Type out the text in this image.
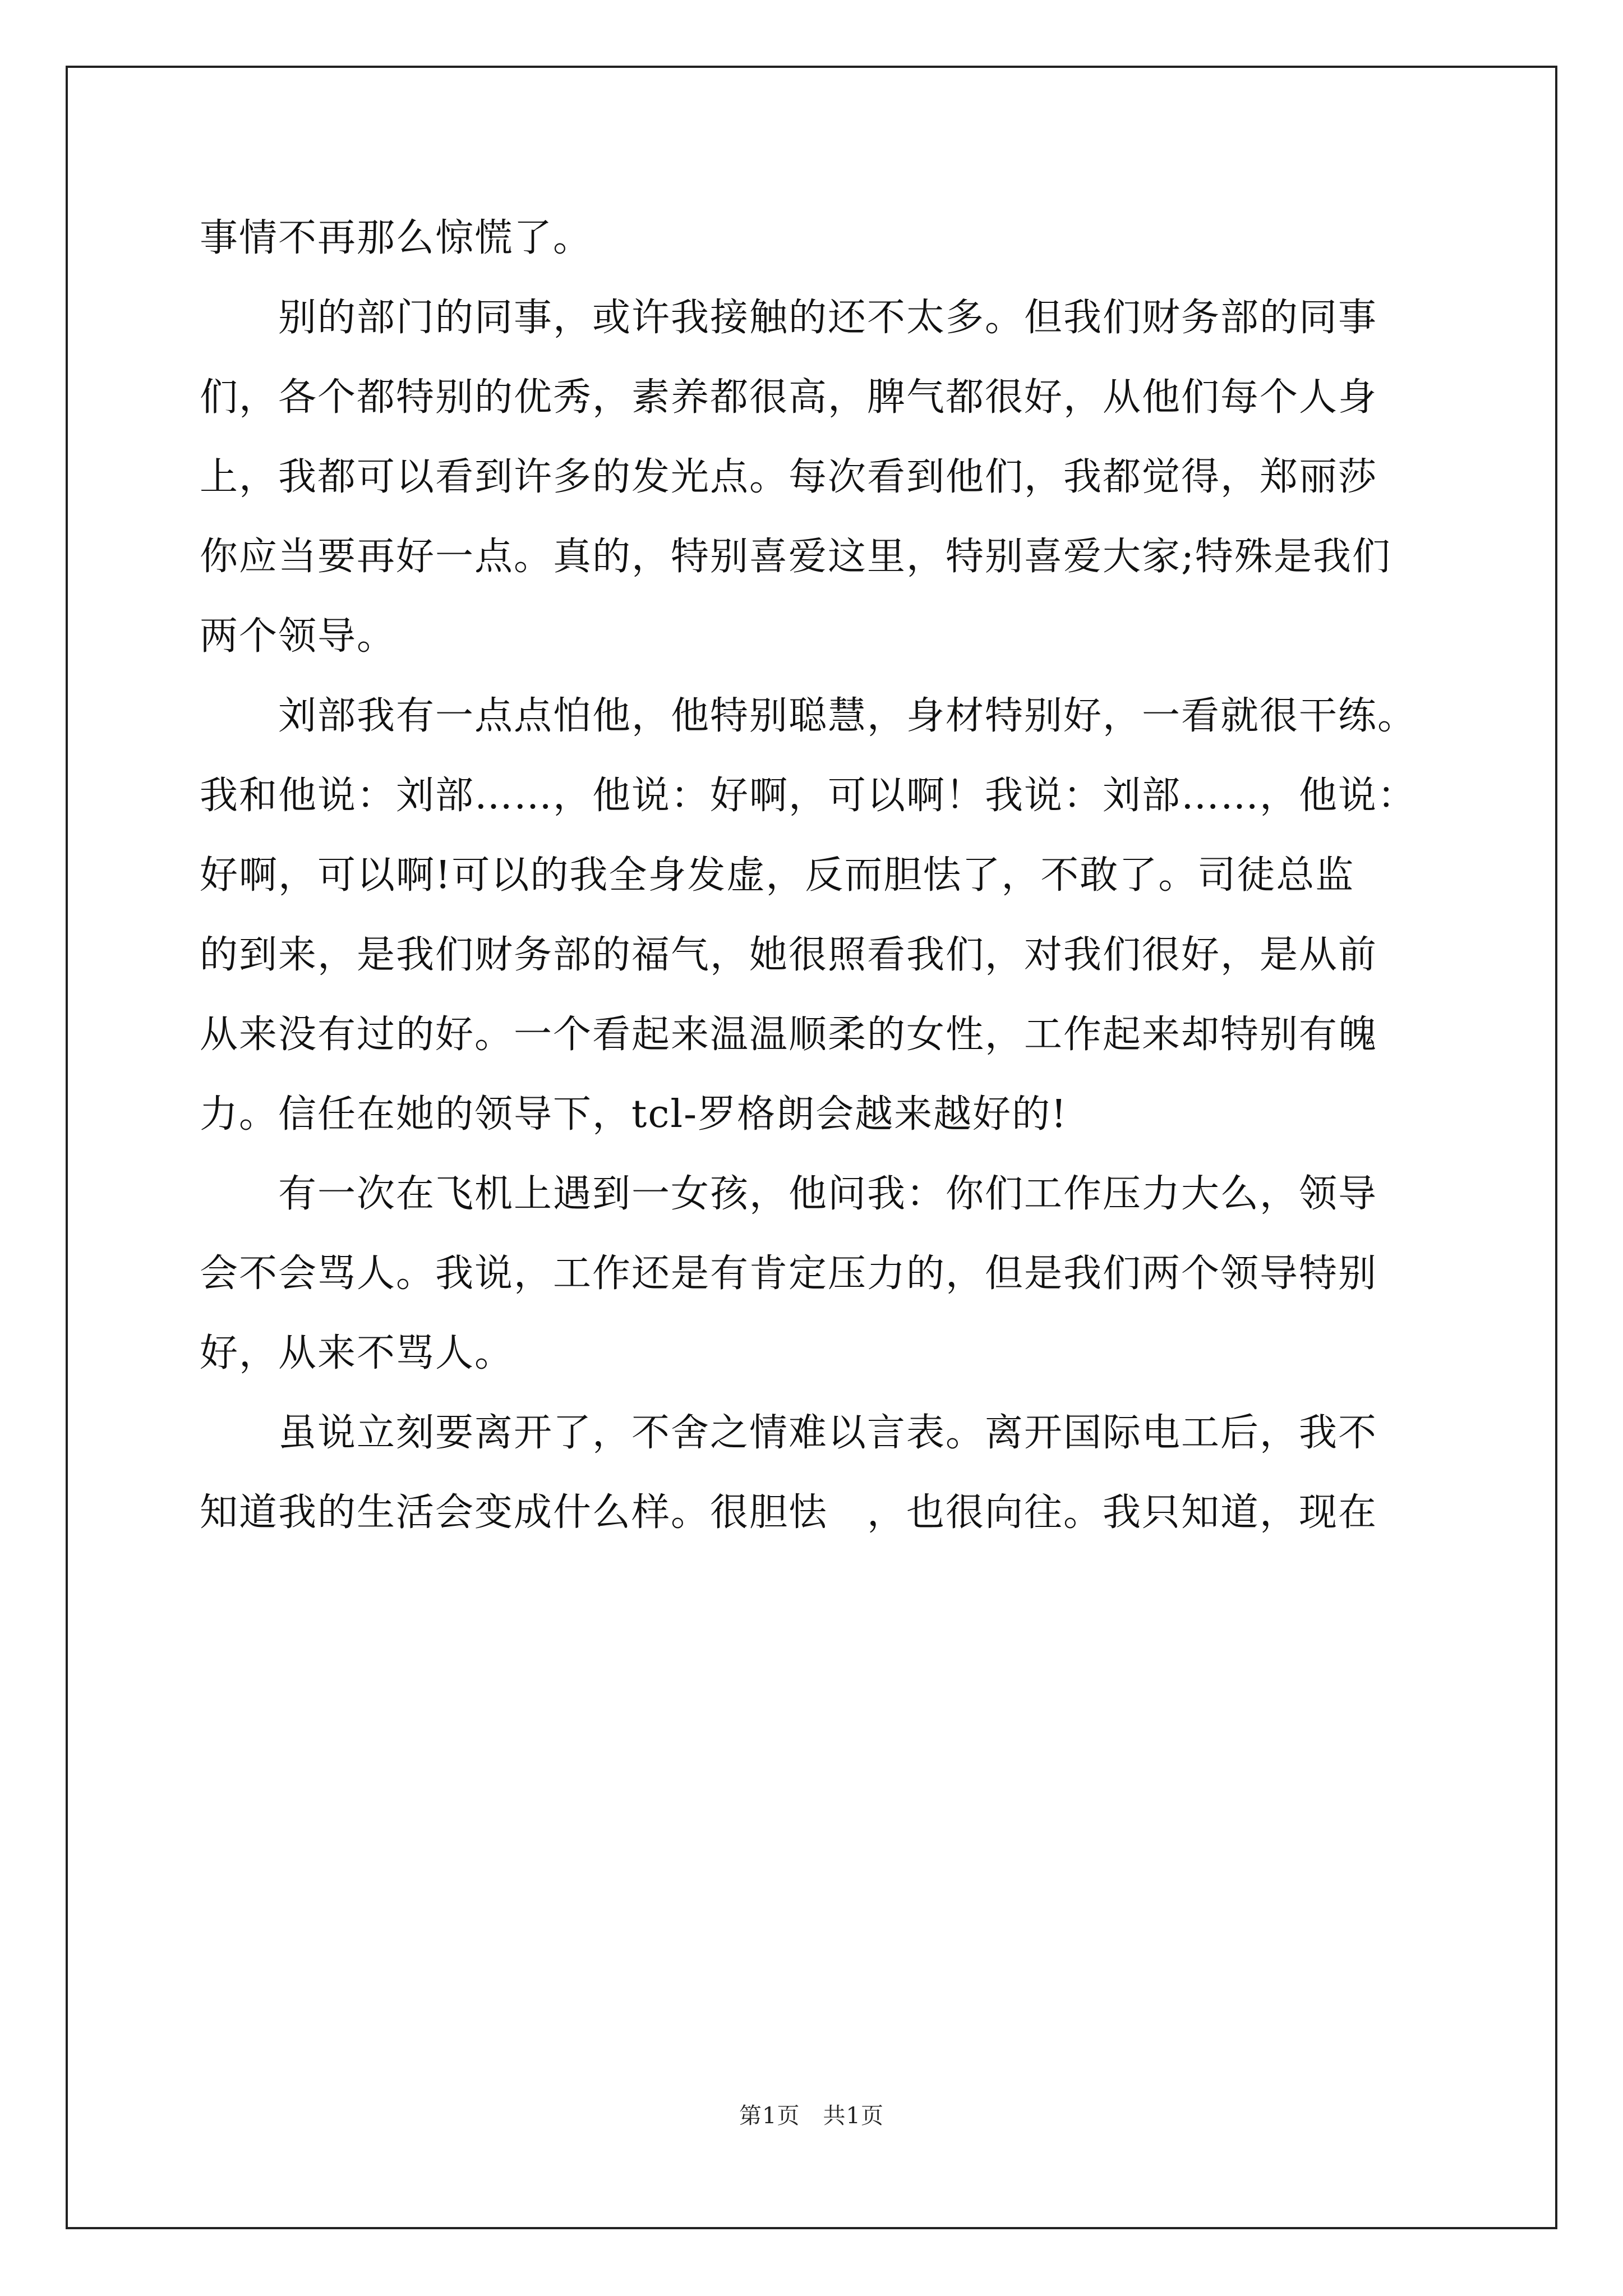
事情不再那么惊慌了。
　　别的部门的同事，或许我接触的还不太多。但我们财务部的同事
们，各个都特别的优秀，素养都很高，脾气都很好，从他们每个人身
上，我都可以看到许多的发光点。每次看到他们，我都觉得，郑丽莎
你应当要再好一点。真的，特别喜爱这里，特别喜爱大家;特殊是我们
两个领导。
　　刘部我有一点点怕他，他特别聪慧，身材特别好，一看就很干练。
我和他说：刘部……，他说：好啊，可以啊！我说：刘部……，他说：
好啊，可以啊!可以的我全身发虚，反而胆怯了，不敢了。司徒总监
的到来，是我们财务部的福气，她很照看我们，对我们很好，是从前
从来没有过的好。一个看起来温温顺柔的女性，工作起来却特别有魄
力。信任在她的领导下，tcl-罗格朗会越来越好的!
　　有一次在飞机上遇到一女孩，他问我：你们工作压力大么，领导
会不会骂人。我说，工作还是有肯定压力的，但是我们两个领导特别
好，从来不骂人。
　　虽说立刻要离开了，不舍之情难以言表。离开国际电工后，我不
知道我的生活会变成什么样。很胆怯　，也很向往。我只知道，现在
第1页　共1页
